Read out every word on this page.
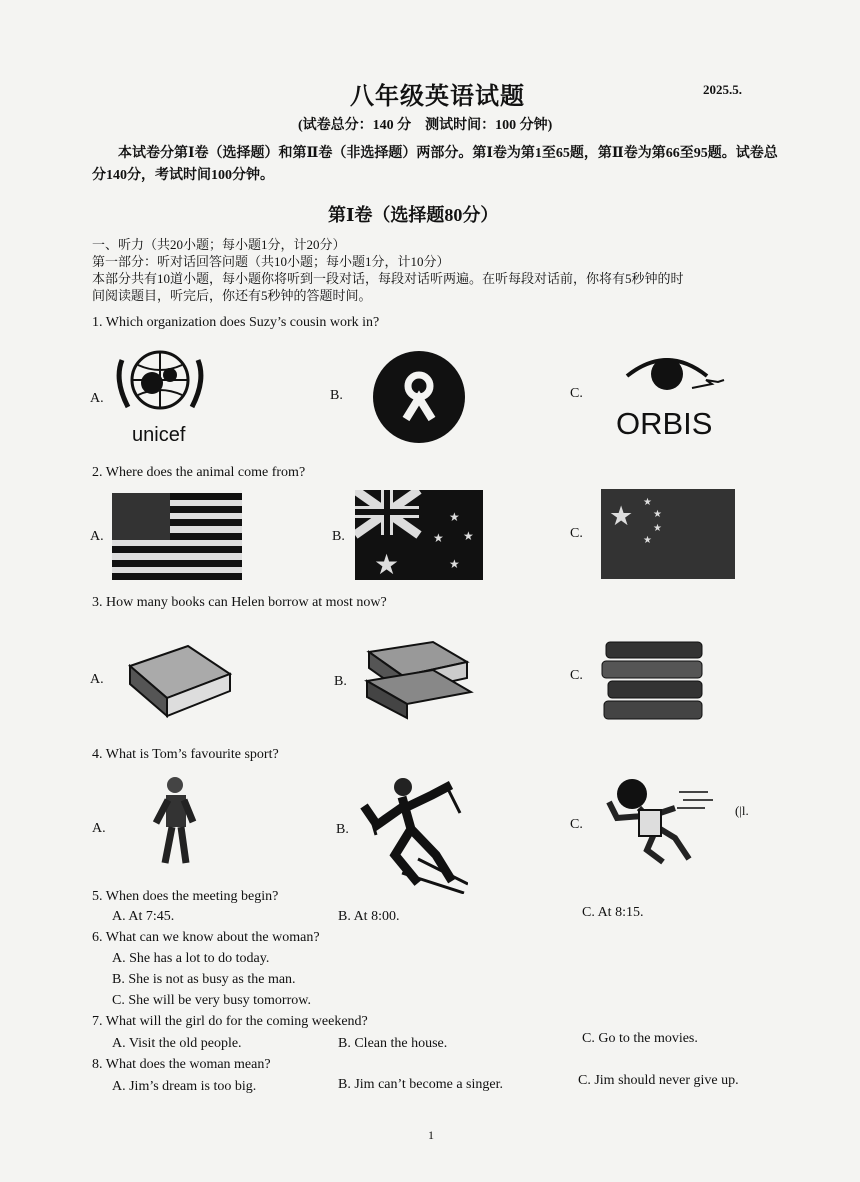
八年级英语试题	2025.5.
(试卷总分：140 分　测试时间：100 分钟)
本试卷分第Ⅰ卷（选择题）和第Ⅱ卷（非选择题）两部分。第Ⅰ卷为第1至65题，第Ⅱ卷为第66至95题。试卷总分140分，考试时间100分钟。
第Ⅰ卷（选择题80分）
一、听力（共20小题；每小题1分，计20分）
第一部分：听对话回答问题（共10小题；每小题1分，计10分）
本部分共有10道小题，每小题你将听到一段对话，每段对话听两遍。在听每段对话前，你将有5秒钟的时
间阅读题目，听完后，你还有5秒钟的答题时间。
1. Which organization does Suzy’s cousin work in?
A.	B.	C.
unicef	ORBIS
2. Where does the animal come from?
A.	B.	C.
★
★
★ ★
★
★ ★
★
★
★
3. How many books can Helen borrow at most now?
A.	B.	C.
4. What is Tom’s favourite sport?
A.	B.	C.
(|l.
5. When does the meeting begin?
A. At 7:45.	B. At 8:00.	C. At 8:15.
6. What can we know about the woman?
A. She has a lot to do today.
B. She is not as busy as the man.
C. She will be very busy tomorrow.
7. What will the girl do for the coming weekend?
A. Visit the old people.	B. Clean the house.	C. Go to the movies.
8. What does the woman mean?
A. Jim’s dream is too big.	B. Jim can’t become a singer.	C. Jim should never give up.
1
